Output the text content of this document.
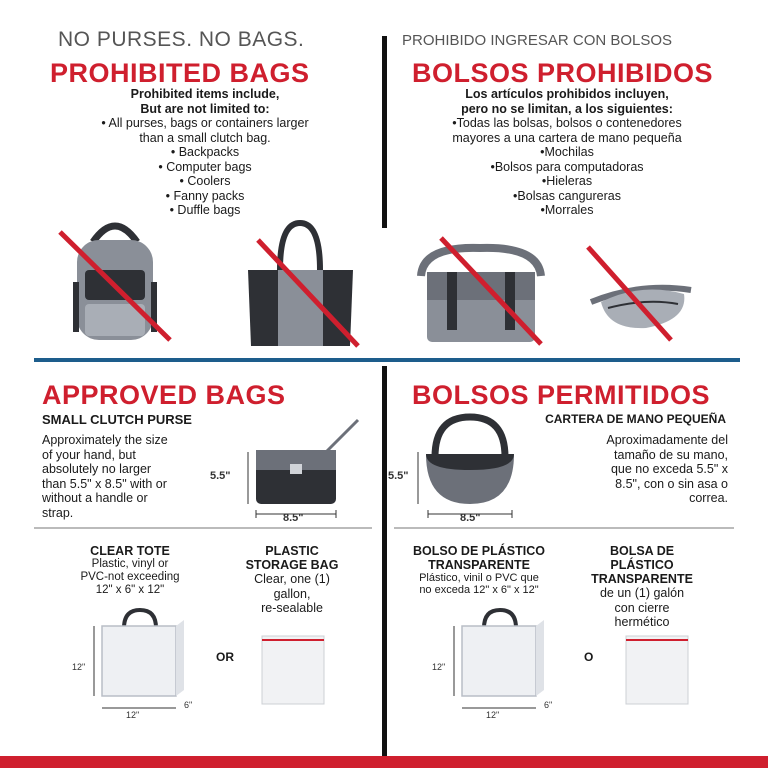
NO PURSES. NO BAGS.
PROHIBITED BAGS
Prohibited items include,
But are not limited to:
• All purses, bags or containers larger
than a small clutch bag.
• Backpacks
• Computer bags
• Coolers
• Fanny packs
• Duffle bags
PROHIBIDO INGRESAR CON BOLSOS
BOLSOS PROHIBIDOS
Los artículos prohibidos incluyen,
pero no se limitan, a los siguientes:
•Todas las bolsas, bolsos o contenedores
mayores a una cartera de mano pequeña
•Mochilas
•Bolsos para computadoras
•Hieleras
•Bolsas cangureras
•Morrales
APPROVED BAGS
SMALL CLUTCH PURSE
Approximately the size
of your hand, but
absolutely no larger
than 5.5" x 8.5" with or
without a handle or
strap.
5.5"
8.5"
BOLSOS PERMITIDOS
CARTERA DE MANO PEQUEÑA
Aproximadamente del
tamaño de su mano,
que no exceda 5.5" x
8.5", con o sin asa o
correa.
5.5"
8.5"
CLEAR TOTE
Plastic, vinyl or
PVC-not exceeding
12" x 6" x 12"
12"
12"
6"
PLASTIC
STORAGE BAG
Clear, one (1)
gallon,
re-sealable
OR
BOLSO DE PLÁSTICO
TRANSPARENTE
Plástico, vinil o PVC que
no exceda 12" x 6" x 12"
12"
12"
6"
BOLSA DE
PLÁSTICO
TRANSPARENTE
de un (1) galón
con cierre
hermético
O
